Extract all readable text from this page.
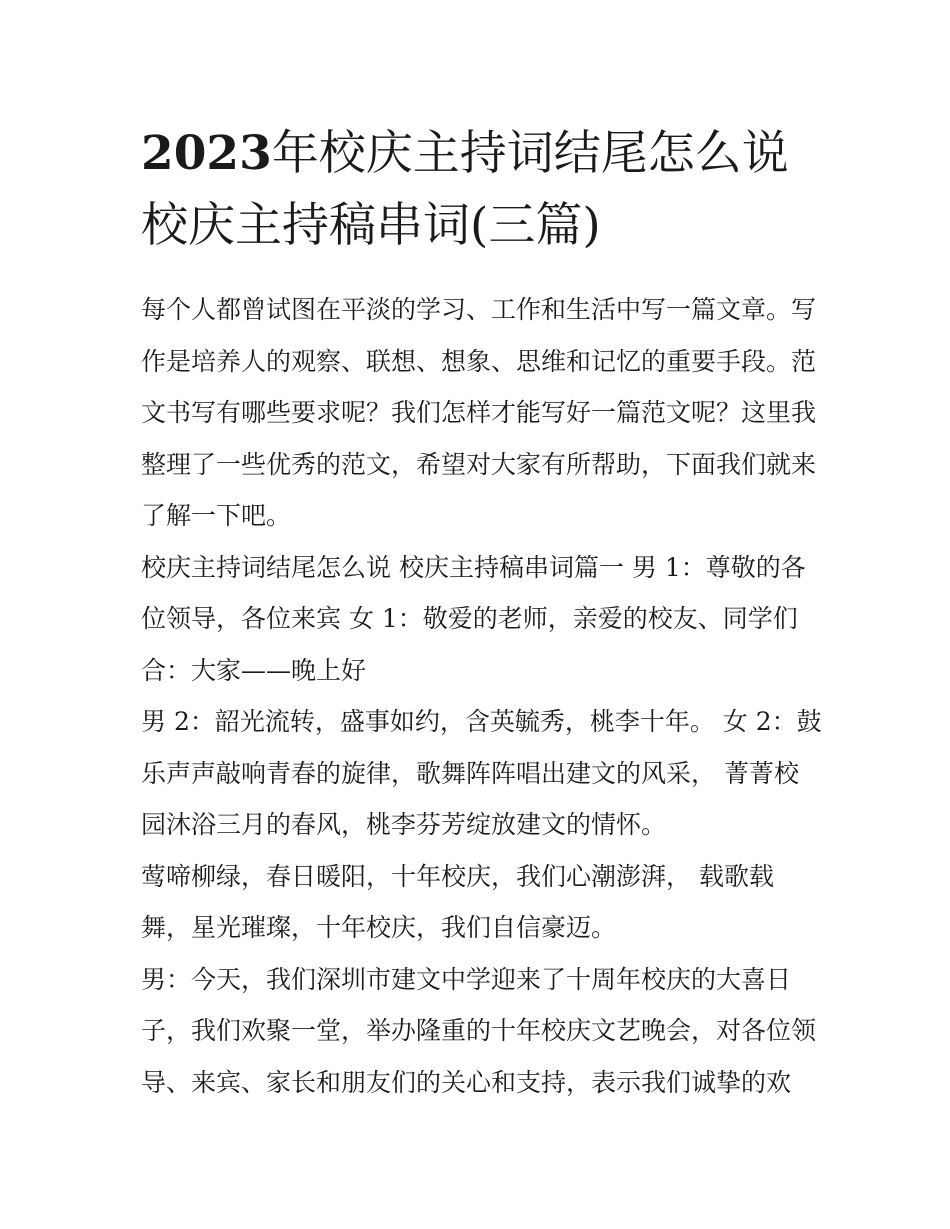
2023年校庆主持词结尾怎么说
校庆主持稿串词(三篇)
每个人都曾试图在平淡的学习、工作和生活中写一篇文章。写
作是培养人的观察、联想、想象、思维和记忆的重要手段。范
文书写有哪些要求呢？我们怎样才能写好一篇范文呢？这里我
整理了一些优秀的范文，希望对大家有所帮助，下面我们就来
了解一下吧。
校庆主持词结尾怎么说 校庆主持稿串词篇一 男 1：尊敬的各
位领导，各位来宾 女 1：敬爱的老师，亲爱的校友、同学们
合：大家——晚上好
男 2：韶光流转，盛事如约，含英毓秀，桃李十年。 女 2：鼓
乐声声敲响青春的旋律，歌舞阵阵唱出建文的风采， 菁菁校
园沐浴三月的春风，桃李芬芳绽放建文的情怀。
莺啼柳绿，春日暖阳，十年校庆，我们心潮澎湃， 载歌载
舞，星光璀璨，十年校庆，我们自信豪迈。
男：今天，我们深圳市建文中学迎来了十周年校庆的大喜日
子，我们欢聚一堂，举办隆重的十年校庆文艺晚会，对各位领
导、来宾、家长和朋友们的关心和支持，表示我们诚挚的欢
